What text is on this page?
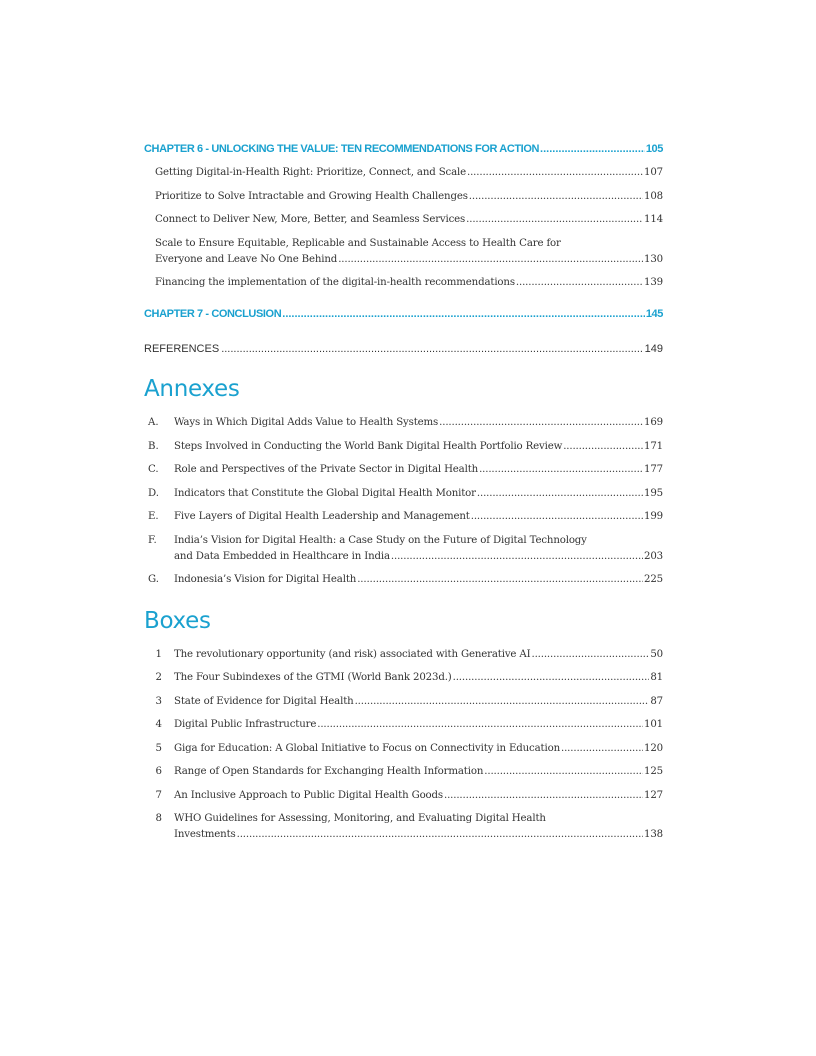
CHAPTER 6 - UNLOCKING THE VALUE: TEN RECOMMENDATIONS FOR ACTION .....	105
Getting Digital-in-Health Right: Prioritize, Connect, and Scale .....	107
Prioritize to Solve Intractable and Growing Health Challenges .....	108
Connect to Deliver New, More, Better, and Seamless Services .....	114
Scale to Ensure Equitable, Replicable and Sustainable Access to Health Care for
Everyone and Leave No One Behind .....	130
Financing the implementation of the digital-in-health recommendations .....	139
CHAPTER 7 - CONCLUSION .....	145
REFERENCES .....	149
Annexes
A.	Ways in Which Digital Adds Value to Health Systems .....	169
B.	Steps Involved in Conducting the World Bank Digital Health Portfolio Review .....	171
C.	Role and Perspectives of the Private Sector in Digital Health .....	177
D.	Indicators that Constitute the Global Digital Health Monitor .....	195
E.	Five Layers of Digital Health Leadership and Management .....	199
F.	India’s Vision for Digital Health: a Case Study on the Future of Digital Technology
and Data Embedded in Healthcare in India .....	203
G.	Indonesia’s Vision for Digital Health .....	225
Boxes
1 The revolutionary opportunity (and risk) associated with Generative AI .....	50
2 The Four Subindexes of the GTMI (World Bank 2023d.) .....	81
3 State of Evidence for Digital Health .....	87
4 Digital Public Infrastructure .....	101
5 Giga for Education: A Global Initiative to Focus on Connectivity in Education .....	120
6 Range of Open Standards for Exchanging Health Information .....	125
7 An Inclusive Approach to Public Digital Health Goods .....	127
8 WHO Guidelines for Assessing, Monitoring, and Evaluating Digital Health
Investments .....	138
